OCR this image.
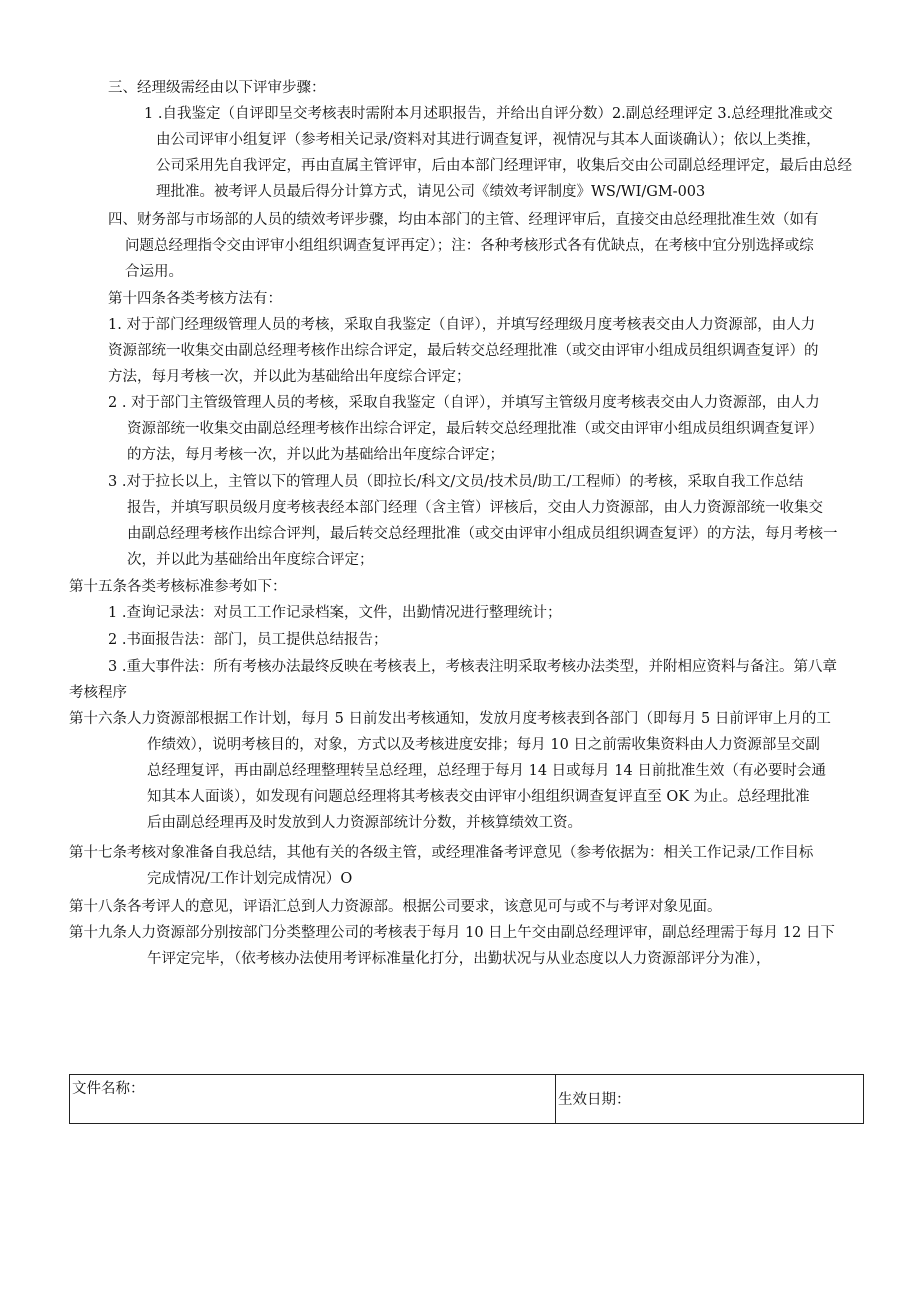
三、经理级需经由以下评审步骤：
1 .自我鉴定（自评即呈交考核表时需附本月述职报告，并给出自评分数）2.副总经理评定 3.总经理批准或交
由公司评审小组复评（参考相关记录/资料对其进行调查复评，视情况与其本人面谈确认）；依以上类推，
公司采用先自我评定，再由直属主管评审，后由本部门经理评审，收集后交由公司副总经理评定，最后由总经
理批准。被考评人员最后得分计算方式，请见公司《绩效考评制度》WS/WI/GM-003
四、财务部与市场部的人员的绩效考评步骤，均由本部门的主管、经理评审后，直接交由总经理批准生效（如有
问题总经理指令交由评审小组组织调查复评再定）；注：各种考核形式各有优缺点，在考核中宜分别选择或综
合运用。
第十四条各类考核方法有：
1. 对于部门经理级管理人员的考核，采取自我鉴定（自评），并填写经理级月度考核表交由人力资源部，由人力
资源部统一收集交由副总经理考核作出综合评定，最后转交总经理批准（或交由评审小组成员组织调查复评）的
方法，每月考核一次，并以此为基础给出年度综合评定；
2 . 对于部门主管级管理人员的考核，采取自我鉴定（自评），并填写主管级月度考核表交由人力资源部，由人力
资源部统一收集交由副总经理考核作出综合评定，最后转交总经理批准（或交由评审小组成员组织调查复评）
的方法，每月考核一次，并以此为基础给出年度综合评定；
3 .对于拉长以上，主管以下的管理人员（即拉长/科文/文员/技术员/助工/工程师）的考核，采取自我工作总结
报告，并填写职员级月度考核表经本部门经理（含主管）评核后，交由人力资源部，由人力资源部统一收集交
由副总经理考核作出综合评判，最后转交总经理批准（或交由评审小组成员组织调查复评）的方法，每月考核一
次，并以此为基础给出年度综合评定；
第十五条各类考核标准参考如下：
1 .查询记录法：对员工工作记录档案，文件，出勤情况进行整理统计；
2 .书面报告法：部门，员工提供总结报告；
3 .重大事件法：所有考核办法最终反映在考核表上，考核表注明采取考核办法类型，并附相应资料与备注。第八章
考核程序
第十六条人力资源部根据工作计划，每月 5 日前发出考核通知，发放月度考核表到各部门（即每月 5 日前评审上月的工
作绩效），说明考核目的，对象，方式以及考核进度安排；每月 10 日之前需收集资料由人力资源部呈交副
总经理复评，再由副总经理整理转呈总经理，总经理于每月 14 日或每月 14 日前批准生效（有必要时会通
知其本人面谈），如发现有问题总经理将其考核表交由评审小组组织调查复评直至 OK 为止。总经理批准
后由副总经理再及时发放到人力资源部统计分数，并核算绩效工资。
第十七条考核对象准备自我总结，其他有关的各级主管，或经理准备考评意见（参考依据为：相关工作记录/工作目标
完成情况/工作计划完成情况）O
第十八条各考评人的意见，评语汇总到人力资源部。根据公司要求，该意见可与或不与考评对象见面。
第十九条人力资源部分别按部门分类整理公司的考核表于每月 10 日上午交由副总经理评审，副总经理需于每月 12 日下
午评定完毕，（依考核办法使用考评标准量化打分，出勤状况与从业态度以人力资源部评分为准），
文件名称：
生效日期：
